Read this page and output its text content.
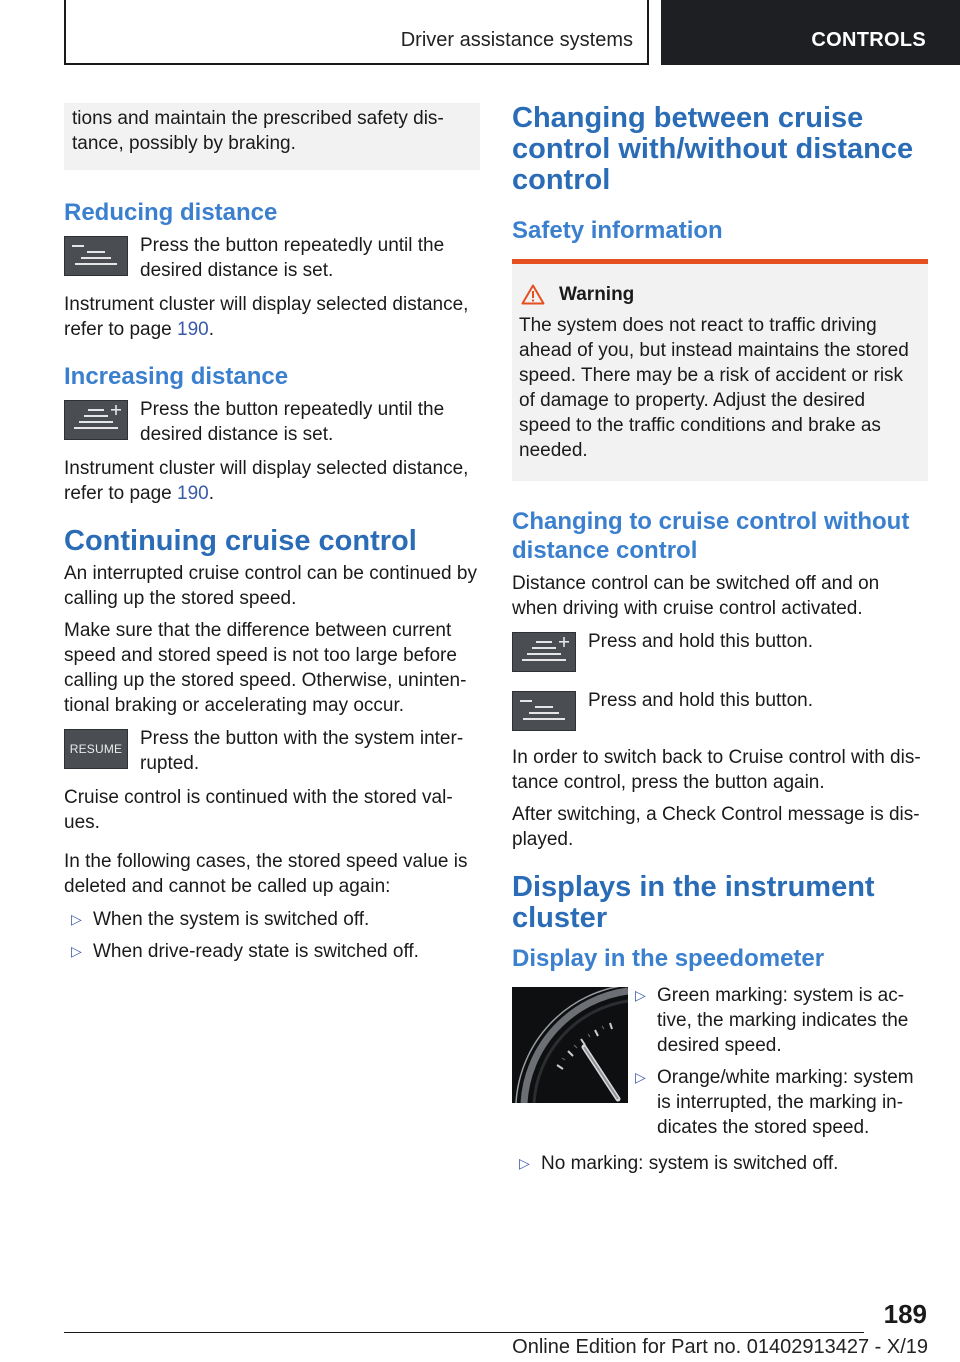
Driver assistance systems	CONTROLS

tions and maintain the prescribed safety distance, possibly by braking.

Reducing distance
Press the button repeatedly until the desired distance is set.

Instrument cluster will display selected distance, refer to page 190.

Increasing distance
Press the button repeatedly until the desired distance is set.

Instrument cluster will display selected distance, refer to page 190.

Continuing cruise control

An interrupted cruise control can be continued by calling up the stored speed.

Make sure that the difference between current speed and stored speed is not too large before calling up the stored speed. Otherwise, unintentional braking or accelerating may occur.

RESUME Press the button with the system interrupted.

Cruise control is continued with the stored values.

In the following cases, the stored speed value is deleted and cannot be called up again:

▷ When the system is switched off.
▷ When drive-ready state is switched off.
Changing between cruise control with/without distance control
Safety information
Warning

The system does not react to traffic driving ahead of you, but instead maintains the stored speed. There may be a risk of accident or risk of damage to property. Adjust the desired speed to the traffic conditions and brake as needed.

Changing to cruise control without distance control

Distance control can be switched off and on when driving with cruise control activated.

Press and hold this button.
Press and hold this button.

In order to switch back to Cruise control with distance control, press the button again.

After switching, a Check Control message is displayed.

Displays in the instrument cluster
Display in the speedometer
▷ Green marking: system is active, the marking indicates the desired speed.
▷ Orange/white marking: system is interrupted, the marking indicates the stored speed.
▷ No marking: system is switched off.
189
Online Edition for Part no. 01402913427 - X/19
